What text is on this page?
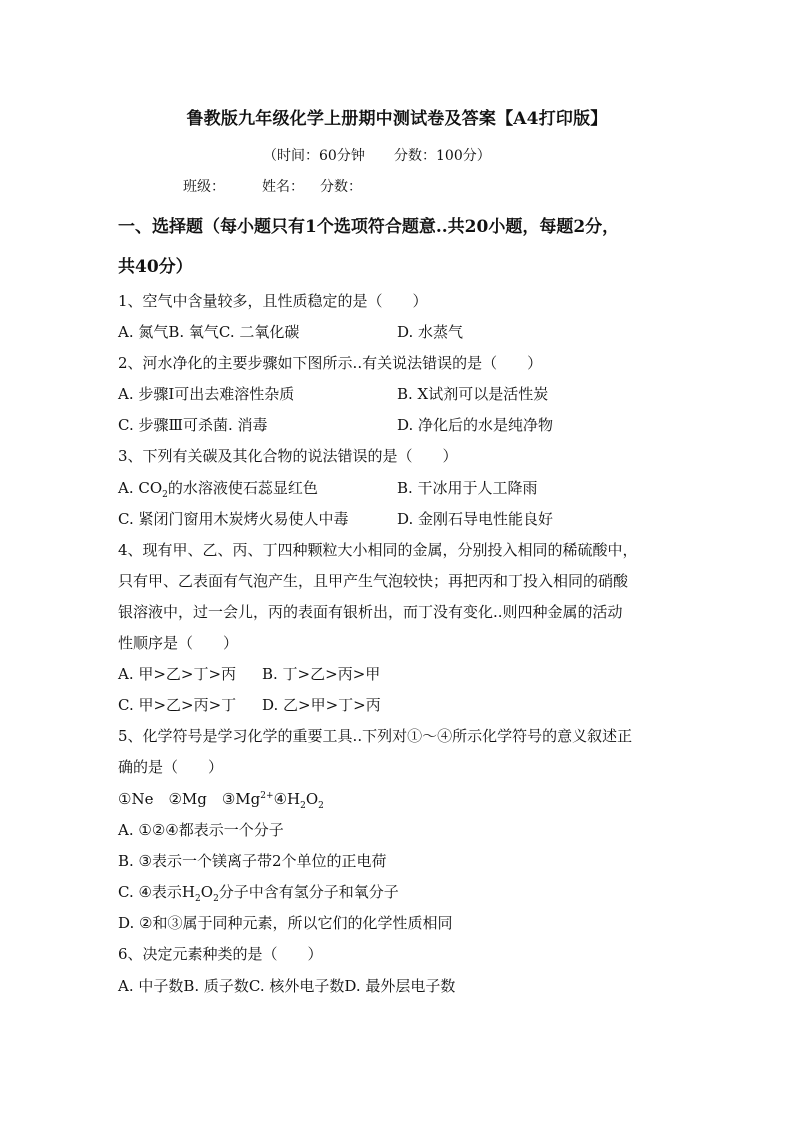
鲁教版九年级化学上册期中测试卷及答案【A4打印版】
（时间：60分钟 分数：100分）
班级：	姓名： 分数：
一、选择题（每小题只有1个选项符合题意..共20小题，每题2分，
共40分）
1、空气中含量较多，且性质稳定的是（　　）
A. 氮气B. 氧气C. 二氧化碳	D. 水蒸气
2、河水净化的主要步骤如下图所示..有关说法错误的是（　　）
A. 步骤Ⅰ可出去难溶性杂质	B. X试剂可以是活性炭
C. 步骤Ⅲ可杀菌. 消毒	D. 净化后的水是纯净物
3、下列有关碳及其化合物的说法错误的是（　　）
A. $CO_2$的水溶液使石蕊显红色	B. 干冰用于人工降雨
C. 紧闭门窗用木炭烤火易使人中毒	D. 金刚石导电性能良好
4、现有甲、乙、丙、丁四种颗粒大小相同的金属，分别投入相同的稀硫酸中，
只有甲、乙表面有气泡产生，且甲产生气泡较快；再把丙和丁投入相同的硝酸
银溶液中，过一会儿，丙的表面有银析出，而丁没有变化..则四种金属的活动
性顺序是（　　）
A. 甲>乙>丁>丙 B. 丁>乙>丙>甲
C. 甲>乙>丙>丁 D. 乙>甲>丁>丙
5、化学符号是学习化学的重要工具..下列对①～④所示化学符号的意义叙述正
确的是（　　）
①Ne　②Mg　$③Mg^{2+}④H_2O_2$
A. ①②④都表示一个分子
B. ③表示一个镁离子带2个单位的正电荷
C. ④表示$H_2O_2$分子中含有氢分子和氧分子
D. ②和③属于同种元素，所以它们的化学性质相同
6、决定元素种类的是（　　）
A. 中子数B. 质子数C. 核外电子数D. 最外层电子数
